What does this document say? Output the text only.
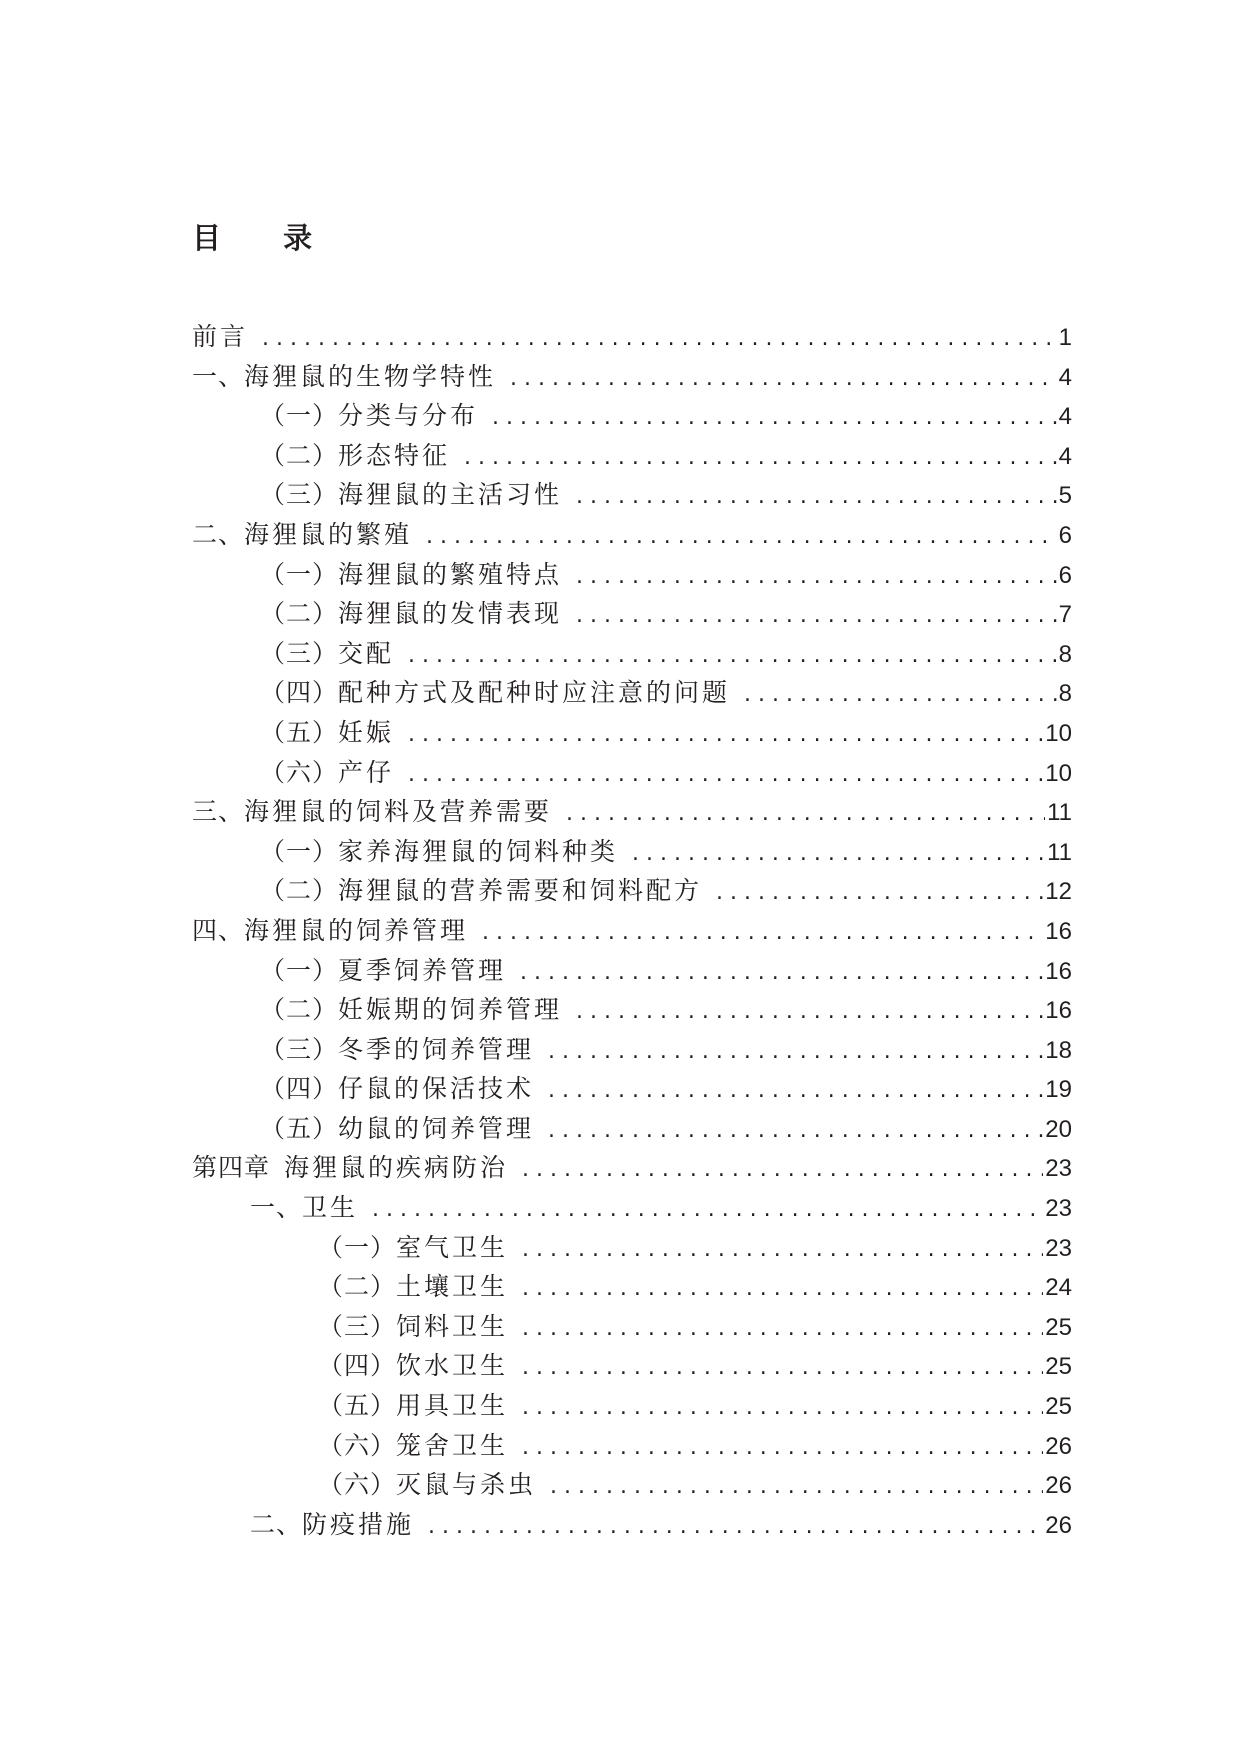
目 录
前言 . . .	1
一、 海狸鼠的生物学特性 . . .	4
（一） 分类与分布 . . .	4
（二） 形态特征 . . .	4
（三） 海狸鼠的主活习性 . . .	5
二、 海狸鼠的繁殖 . . .	6
（一） 海狸鼠的繁殖特点 . . .	6
（二） 海狸鼠的发情表现 . . .	7
（三） 交配 . . .	8
（四） 配种方式及配种时应注意的问题 . . .	8
（五） 妊娠 . . .	10
（六） 产仔 . . .	10
三、 海狸鼠的饲料及营养需要 . . .	11
（一） 家养海狸鼠的饲料种类 . . .	11
（二） 海狸鼠的营养需要和饲料配方 . . .	12
四、 海狸鼠的饲养管理 . . .	16
（一） 夏季饲养管理 . . .	16
（二） 妊娠期的饲养管理 . . .	16
（三） 冬季的饲养管理 . . .	18
（四） 仔鼠的保活技术 . . .	19
（五） 幼鼠的饲养管理 . . .	20
第四章 海狸鼠的疾病防治 . . .	23
一、 卫生 . . .	23
（一） 室气卫生 . . .	23
（二） 土壤卫生 . . .	24
（三） 饲料卫生 . . .	25
（四） 饮水卫生 . . .	25
（五） 用具卫生 . . .	25
（六） 笼舍卫生 . . .	26
（六） 灭鼠与杀虫 . . .	26
二、 防疫措施 . . .	26
